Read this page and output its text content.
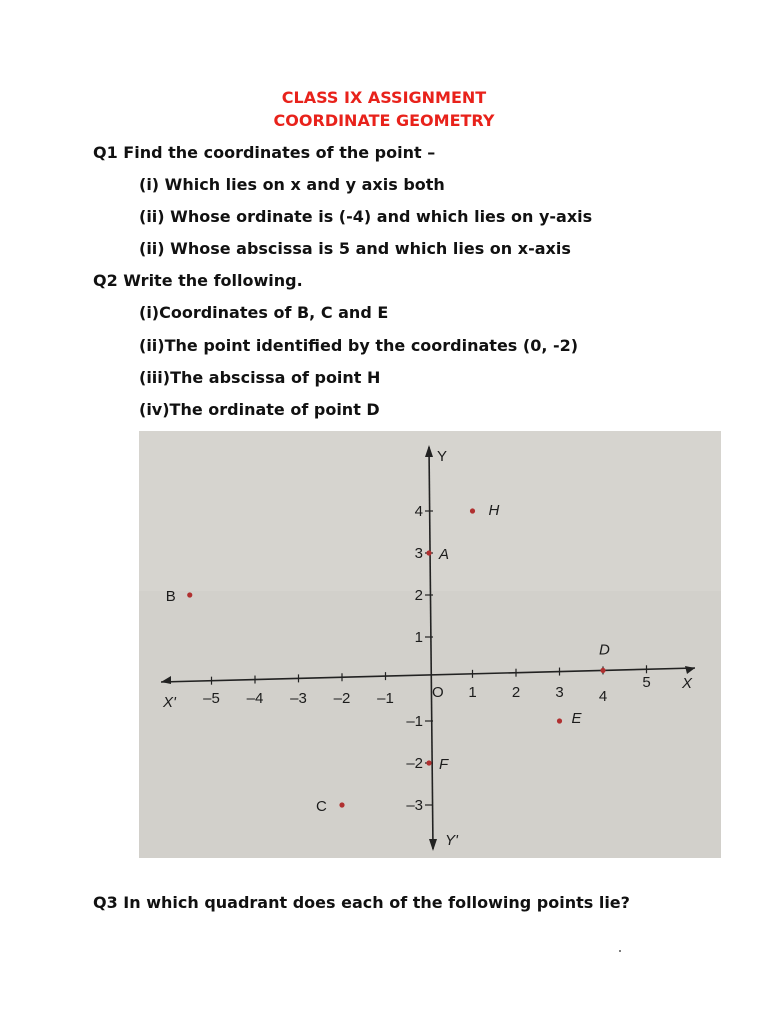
CLASS IX ASSIGNMENT
COORDINATE GEOMETRY
Q1 Find the coordinates of the point –
(i) Which lies on x and y axis both
(ii) Whose ordinate is (-4) and which lies on y-axis
(ii) Whose abscissa is 5 and which lies on x-axis
Q2 Write the following.
(i)Coordinates of B, C and E
(ii)The point identified by the coordinates (0, -2)
(iii)The abscissa of point H
(iv)The ordinate of point D
–5 –4 –3 –2 –1	1 2 3 4
5
4
3
2
1
–1
–2
–3
Y
Y'
X
X'
O
H
A
B
D
E
F
C
Q3 In which quadrant does each of the following points lie?
